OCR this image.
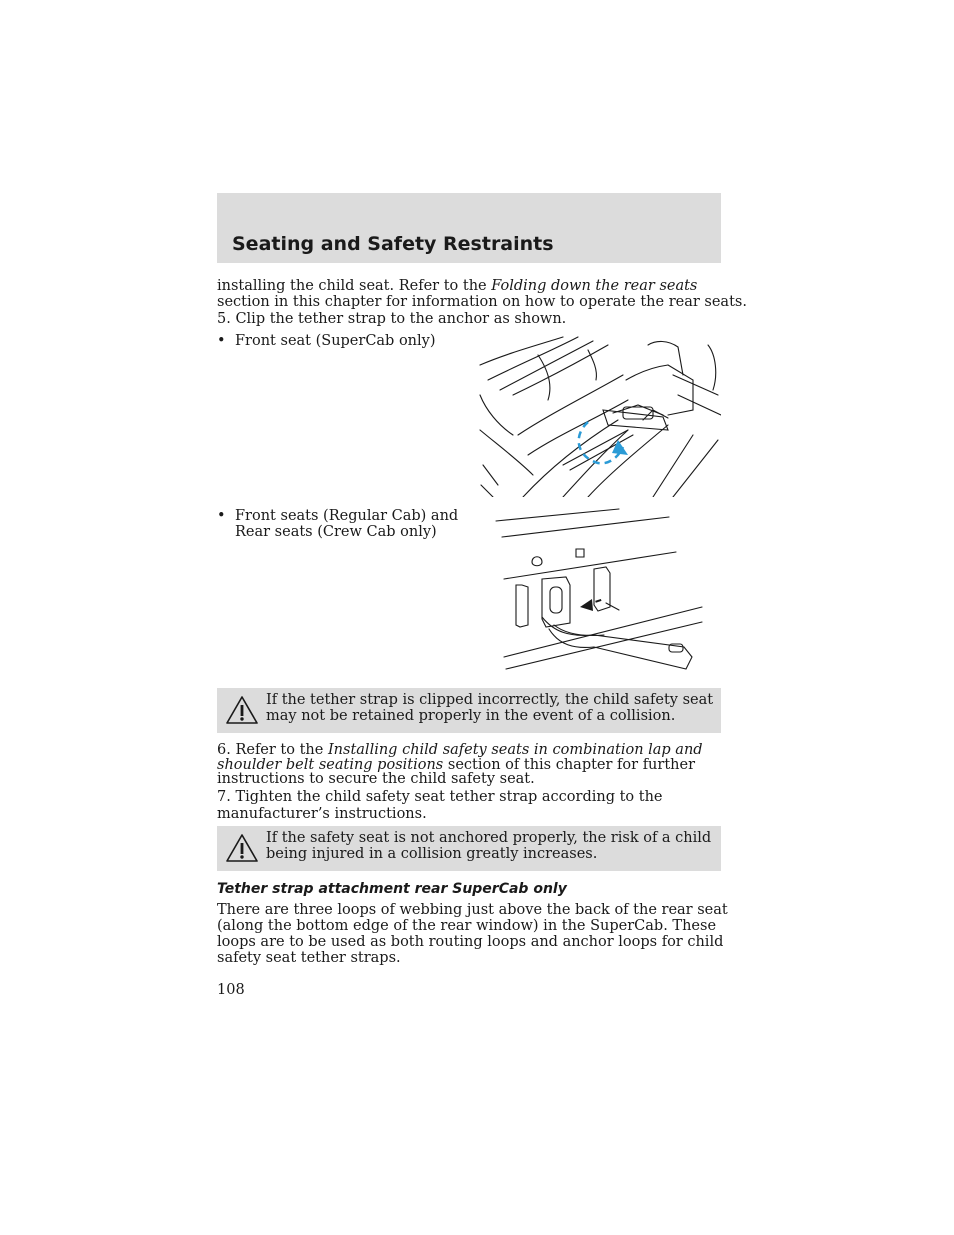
Seating and Safety Restraints
installing the child seat. Refer to the Folding down the rear seats
section in this chapter for information on how to operate the rear seats.
5. Clip the tether strap to the anchor as shown.
• Front seat (SuperCab only)
• Front seats (Regular Cab) and
Rear seats (Crew Cab only)
If the tether strap is clipped incorrectly, the child safety seat
may not be retained properly in the event of a collision.
6. Refer to the Installing child safety seats in combination lap and
shoulder belt seating positions section of this chapter for further
instructions to secure the child safety seat.
7. Tighten the child safety seat tether strap according to the
manufacturer’s instructions.
If the safety seat is not anchored properly, the risk of a child
being injured in a collision greatly increases.
Tether strap attachment rear SuperCab only
There are three loops of webbing just above the back of the rear seat
(along the bottom edge of the rear window) in the SuperCab. These
loops are to be used as both routing loops and anchor loops for child
safety seat tether straps.
108
